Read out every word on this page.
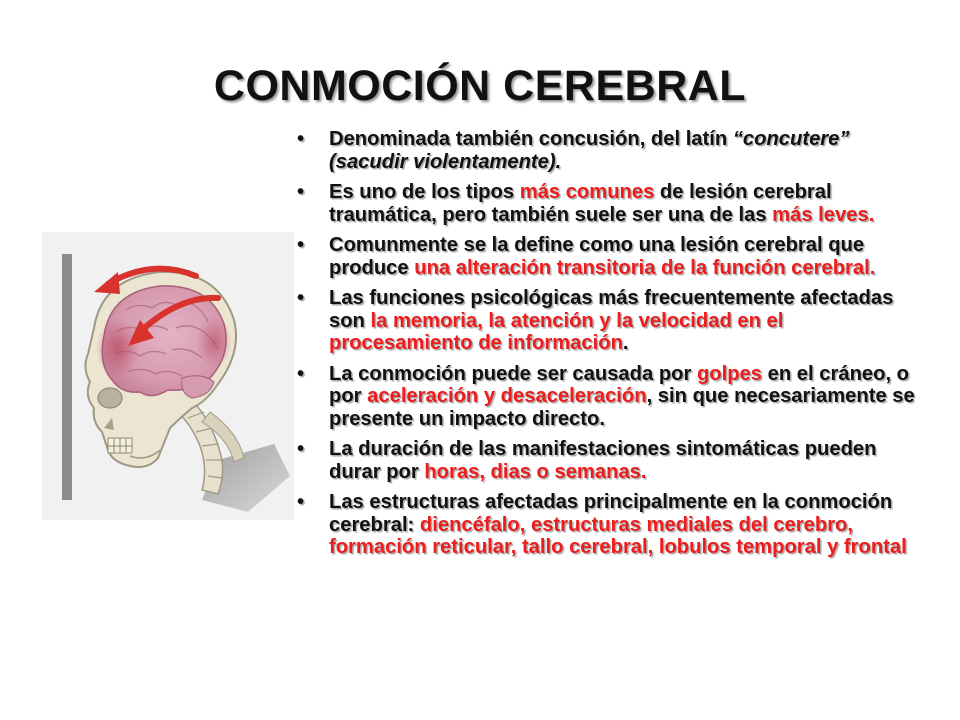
CONMOCIÓN CEREBRAL
• Denominada también concusión, del latín “concutere” (sacudir violentamente).
• Es uno de los tipos más comunes de lesión cerebral traumática, pero también suele ser una de las más leves.
• Comunmente se la define como una lesión cerebral que produce una alteración transitoria de la función cerebral.
• Las funciones psicológicas más frecuentemente afectadas son la memoria, la atención y la velocidad en el procesamiento de información.
• La conmoción puede ser causada por golpes en el cráneo, o por aceleración y desaceleración, sin que necesariamente se presente un impacto directo.
• La duración de las manifestaciones sintomáticas pueden durar por horas, dias o semanas.
• Las estructuras afectadas principalmente en la conmoción cerebral: diencéfalo, estructuras mediales del cerebro, formación reticular, tallo cerebral, lobulos temporal y frontal
